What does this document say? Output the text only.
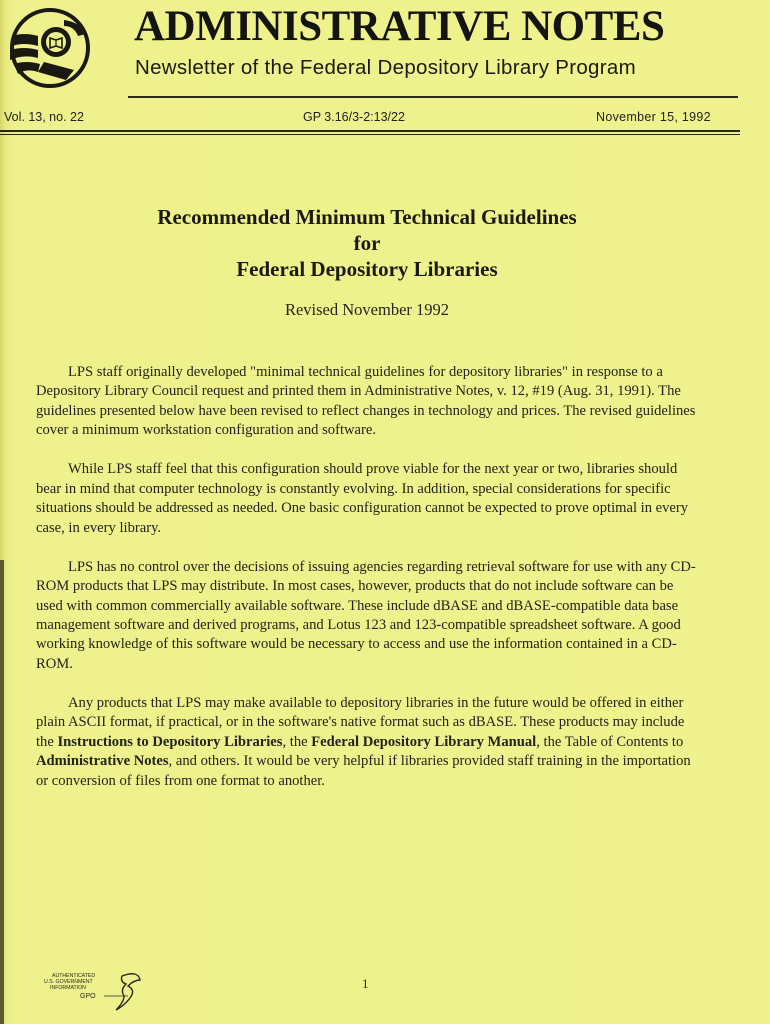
ADMINISTRATIVE NOTES
Newsletter of the Federal Depository Library Program
Vol. 13, no. 22	GP 3.16/3-2:13/22	November 15, 1992
Recommended Minimum Technical Guidelines
for
Federal Depository Libraries
Revised November 1992

LPS staff originally developed "minimal technical guidelines for depository libraries" in response to a Depository Library Council request and printed them in Administrative Notes, v. 12, #19 (Aug. 31, 1991). The guidelines presented below have been revised to reflect changes in technology and prices. The revised guidelines cover a minimum workstation configuration and software.

While LPS staff feel that this configuration should prove viable for the next year or two, libraries should bear in mind that computer technology is constantly evolving. In addition, special considerations for specific situations should be addressed as needed. One basic configuration cannot be expected to prove optimal in every case, in every library.

LPS has no control over the decisions of issuing agencies regarding retrieval software for use with any CD-ROM products that LPS may distribute. In most cases, however, products that do not include software can be used with common commercially available software. These include dBASE and dBASE-compatible data base management software and derived programs, and Lotus 123 and 123-compatible spreadsheet software. A good working knowledge of this software would be necessary to access and use the information contained in a CD-ROM.

Any products that LPS may make available to depository libraries in the future would be offered in either plain ASCII format, if practical, or in the software's native format such as dBASE. These products may include the Instructions to Depository Libraries, the Federal Depository Library Manual, the Table of Contents to Administrative Notes, and others. It would be very helpful if libraries provided staff training in the importation or conversion of files from one format to another.

AUTHENTICATED
U.S. GOVERNMENT
INFORMATION
GPO
1
